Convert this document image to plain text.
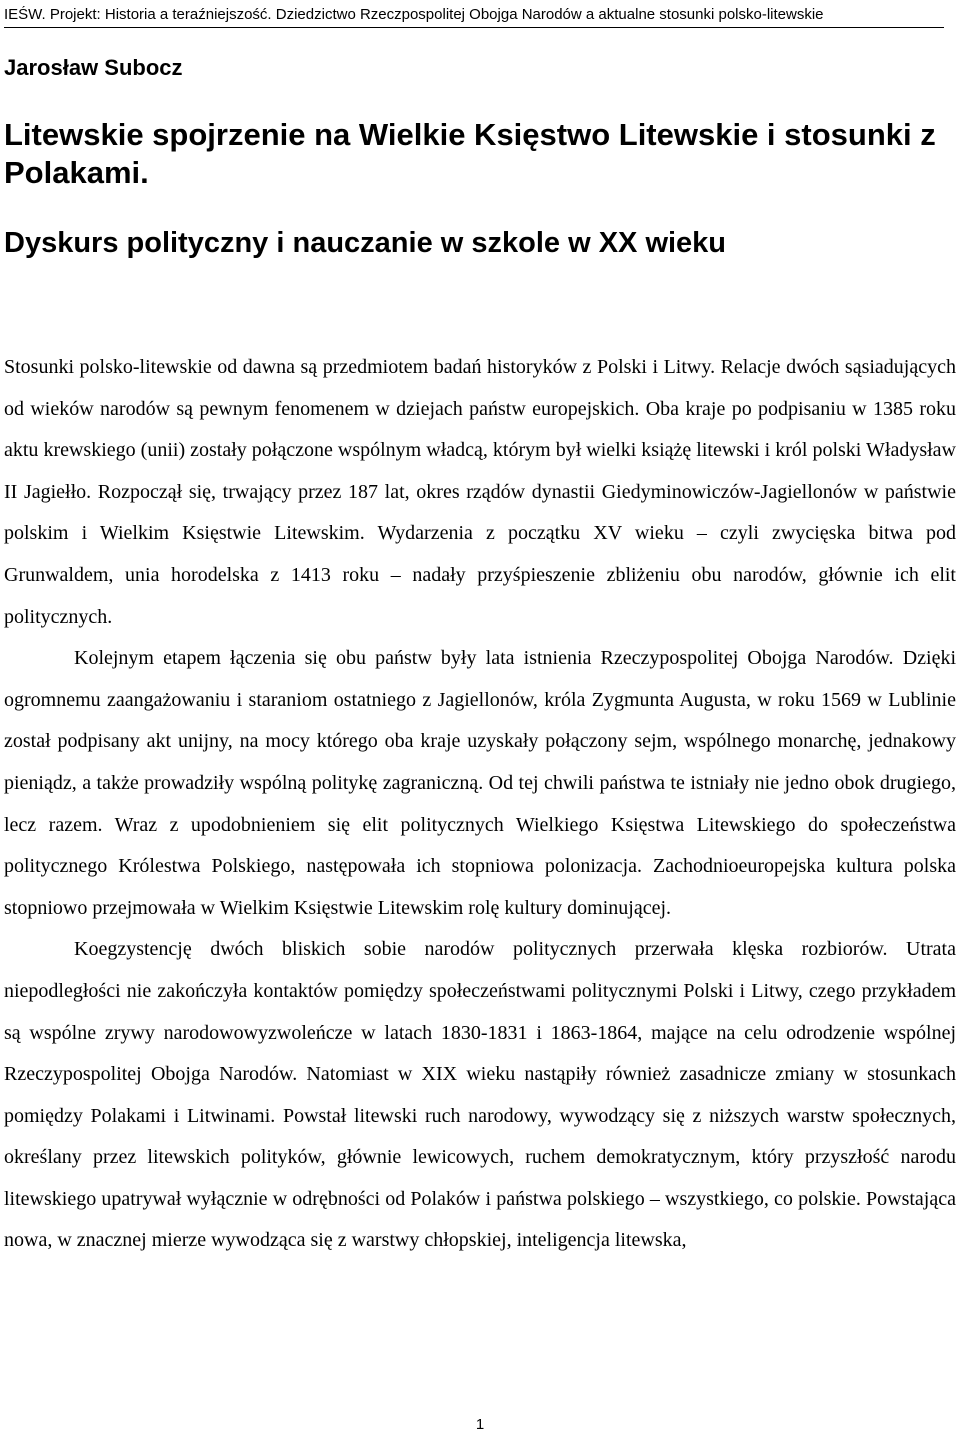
IEŚW. Projekt: Historia a teraźniejszość. Dziedzictwo Rzeczpospolitej Obojga Narodów a aktualne stosunki polsko-litewskie
Jarosław Subocz
Litewskie spojrzenie na Wielkie Księstwo Litewskie i stosunki z Polakami.
Dyskurs polityczny i nauczanie w szkole w XX wieku

Stosunki polsko-litewskie od dawna są przedmiotem badań historyków z Polski i Litwy. Relacje dwóch sąsiadujących od wieków narodów są pewnym fenomenem w dziejach państw europejskich. Oba kraje po podpisaniu w 1385 roku aktu krewskiego (unii) zostały połączone wspólnym władcą, którym był wielki książę litewski i król polski Władysław II Jagiełło. Rozpoczął się, trwający przez 187 lat, okres rządów dynastii Giedyminowiczów-Jagiellonów w państwie polskim i Wielkim Księstwie Litewskim. Wydarzenia z początku XV wieku – czyli zwycięska bitwa pod Grunwaldem, unia horodelska z 1413 roku – nadały przyśpieszenie zbliżeniu obu narodów, głównie ich elit politycznych.

Kolejnym etapem łączenia się obu państw były lata istnienia Rzeczypospolitej Obojga Narodów. Dzięki ogromnemu zaangażowaniu i staraniom ostatniego z Jagiellonów, króla Zygmunta Augusta, w roku 1569 w Lublinie został podpisany akt unijny, na mocy którego oba kraje uzyskały połączony sejm, wspólnego monarchę, jednakowy pieniądz, a także prowadziły wspólną politykę zagraniczną. Od tej chwili państwa te istniały nie jedno obok drugiego, lecz razem. Wraz z upodobnieniem się elit politycznych Wielkiego Księstwa Litewskiego do społeczeństwa politycznego Królestwa Polskiego, następowała ich stopniowa polonizacja. Zachodnioeuropejska kultura polska stopniowo przejmowała w Wielkim Księstwie Litewskim rolę kultury dominującej.

Koegzystencję dwóch bliskich sobie narodów politycznych przerwała klęska rozbiorów. Utrata niepodległości nie zakończyła kontaktów pomiędzy społeczeństwami politycznymi Polski i Litwy, czego przykładem są wspólne zrywy narodowowyzwoleńcze w latach 1830-1831 i 1863-1864, mające na celu odrodzenie wspólnej Rzeczypospolitej Obojga Narodów. Natomiast w XIX wieku nastąpiły również zasadnicze zmiany w stosunkach pomiędzy Polakami i Litwinami. Powstał litewski ruch narodowy, wywodzący się z niższych warstw społecznych, określany przez litewskich polityków, głównie lewicowych, ruchem demokratycznym, który przyszłość narodu litewskiego upatrywał wyłącznie w odrębności od Polaków i państwa polskiego – wszystkiego, co polskie. Powstająca nowa, w znacznej mierze wywodząca się z warstwy chłopskiej, inteligencja litewska,

1
